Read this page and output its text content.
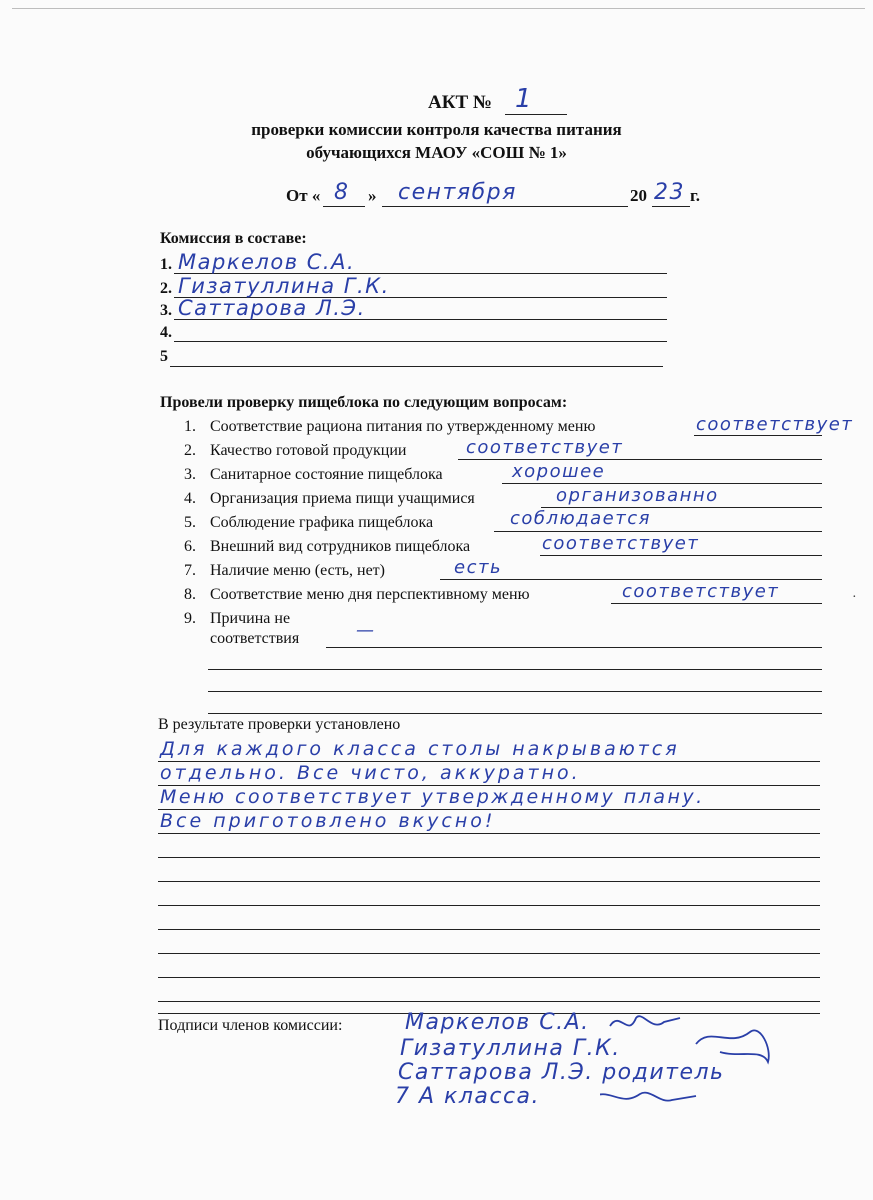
АКТ № 1
проверки комиссии контроля качества питания
обучающихся МАОУ «СОШ № 1»
От « 8 » сентября	20 23 г.
Комиссия в составе:
1. Маркелов С.А.
2. Гизатуллина Г.К.
3. Саттарова Л.Э.
4.
5
Провели проверку пищеблока по следующим вопросам:
1. Соответствие рациона питания по утвержденному меню	соответствует
2. Качество готовой продукции	соответствует
3. Санитарное состояние пищеблока	хорошее
4. Организация приема пищи учащимися	организованно
5. Соблюдение графика пищеблока	соблюдается
6. Внешний вид сотрудников пищеблока	соответствует
7. Наличие меню (есть, нет)	есть
8. Соответствие меню дня перспективному меню	соответствует
9. Причина не
соответствия	—
В результате проверки установлено
Для каждого класса столы накрываются
отдельно. Все чисто, аккуратно.
Меню соответствует утвержденному плану.
Все приготовлено вкусно!
Подписи членов комиссии:	Маркелов С.А.
Гизатуллина Г.К.
Саттарова Л.Э. родитель
7 А класса.
·
